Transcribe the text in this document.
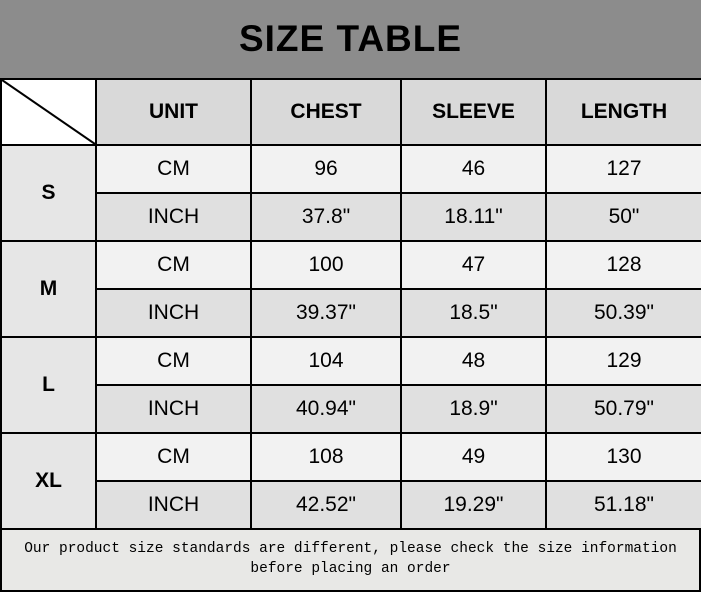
SIZE TABLE
	UNIT	CHEST	SLEEVE	LENGTH
S	CM	96	46	127
	INCH	37.8"	18.11"	50"
M	CM	100	47	128
	INCH	39.37"	18.5"	50.39"
L	CM	104	48	129
	INCH	40.94"	18.9"	50.79"
XL	CM	108	49	130
	INCH	42.52"	19.29"	51.18"
Our product size standards are different, please check the size information
before placing an order
